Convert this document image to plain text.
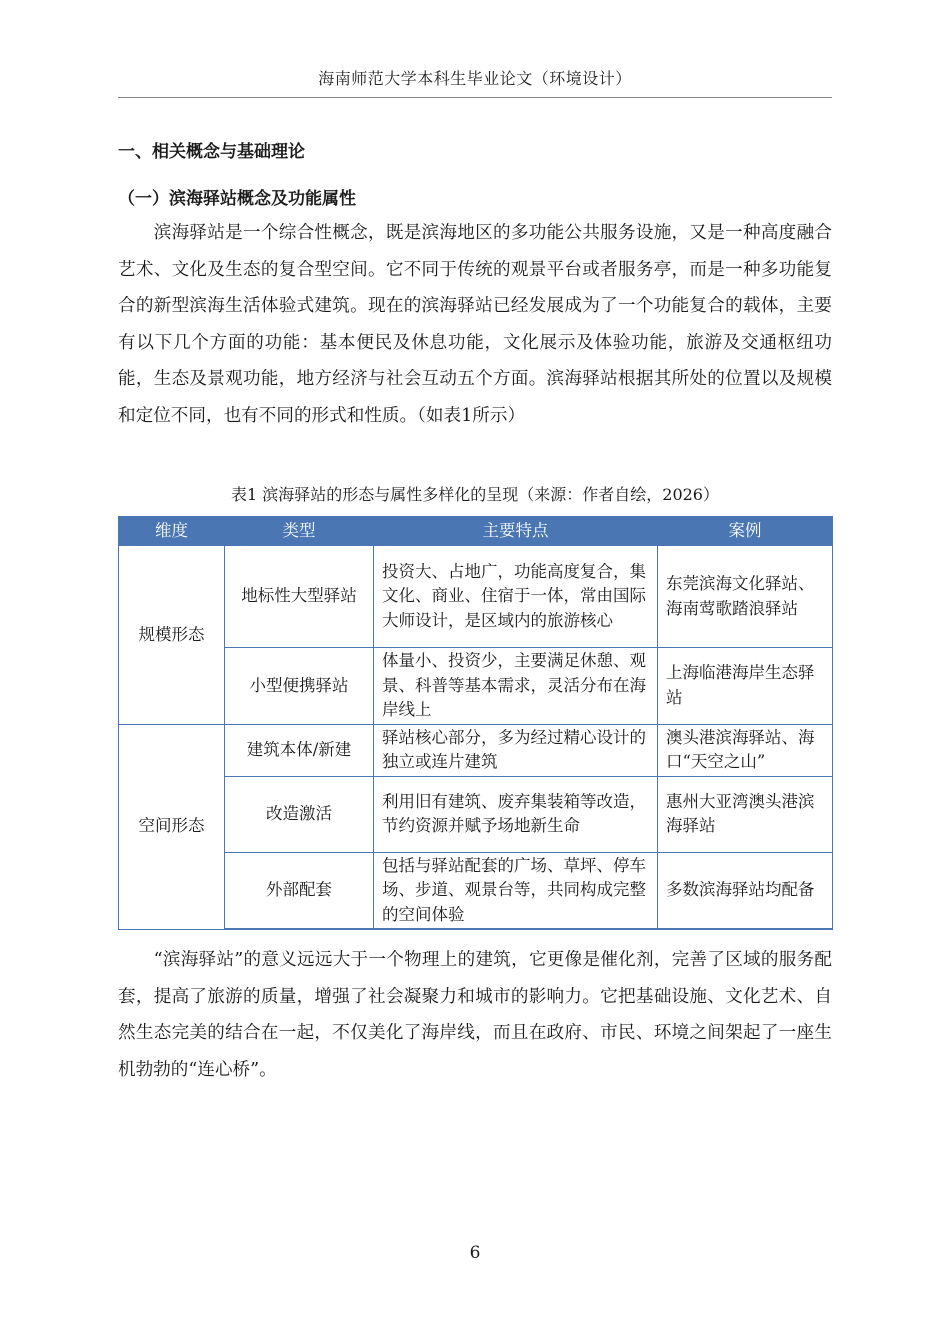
海南师范大学本科生毕业论文（环境设计）
一、相关概念与基础理论
（一）滨海驿站概念及功能属性

　　滨海驿站是一个综合性概念，既是滨海地区的多功能公共服务设施，又是一种高度融合艺术、文化及生态的复合型空间。它不同于传统的观景平台或者服务亭，而是一种多功能复合的新型滨海生活体验式建筑。现在的滨海驿站已经发展成为了一个功能复合的载体，主要有以下几个方面的功能：基本便民及休息功能，文化展示及体验功能，旅游及交通枢纽功能，生态及景观功能，地方经济与社会互动五个方面。滨海驿站根据其所处的位置以及规模和定位不同，也有不同的形式和性质。（如表1所示）

表1 滨海驿站的形态与属性多样化的呈现（来源：作者自绘，2026）
维度	类型	主要特点	案例
规模形态	地标性大型驿站	投资大、占地广，功能高度复合，集文化、商业、住宿于一体，常由国际大师设计，是区域内的旅游核心	东莞滨海文化驿站、海南莺歌踏浪驿站
	小型便携驿站	体量小、投资少，主要满足休憩、观景、科普等基本需求，灵活分布在海岸线上	上海临港海岸生态驿站
空间形态	建筑本体/新建	驿站核心部分，多为经过精心设计的独立或连片建筑	澳头港滨海驿站、海口“天空之山”
	改造激活	利用旧有建筑、废弃集装箱等改造，节约资源并赋予场地新生命	惠州大亚湾澳头港滨海驿站
	外部配套	包括与驿站配套的广场、草坪、停车场、步道、观景台等，共同构成完整的空间体验	多数滨海驿站均配备

　　“滨海驿站”的意义远远大于一个物理上的建筑，它更像是催化剂，完善了区域的服务配套，提高了旅游的质量，增强了社会凝聚力和城市的影响力。它把基础设施、文化艺术、自然生态完美的结合在一起，不仅美化了海岸线，而且在政府、市民、环境之间架起了一座生机勃勃的“连心桥”。

6
